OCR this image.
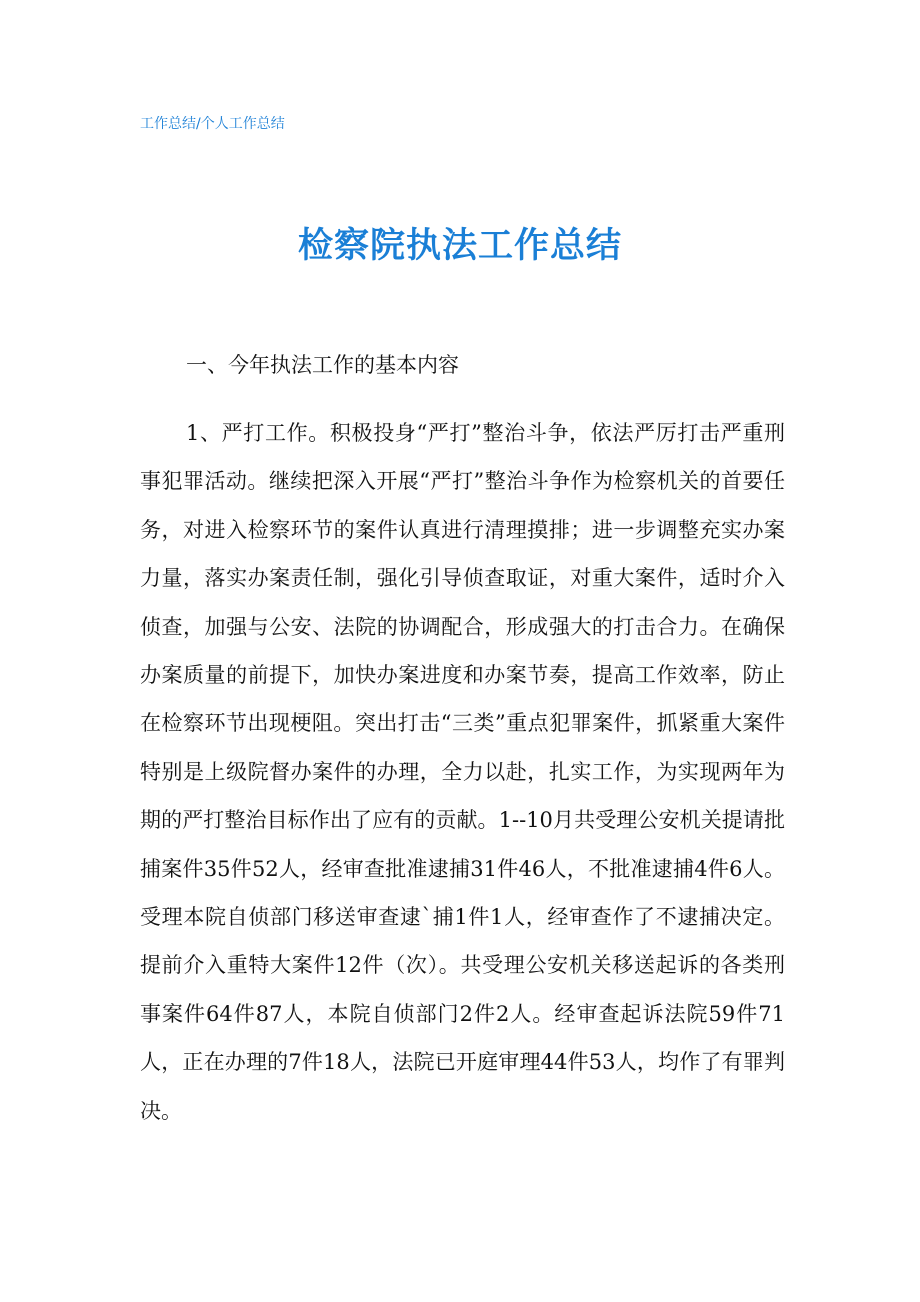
工作总结/个人工作总结
检察院执法工作总结
一、今年执法工作的基本内容
1、严打工作。积极投身“严打”整治斗争，依法严厉打击严重刑事犯罪活动。继续把深入开展“严打”整治斗争作为检察机关的首要任务，对进入检察环节的案件认真进行清理摸排；进一步调整充实办案力量，落实办案责任制，强化引导侦查取证，对重大案件，适时介入侦查，加强与公安、法院的协调配合，形成强大的打击合力。在确保办案质量的前提下，加快办案进度和办案节奏，提高工作效率，防止在检察环节出现梗阻。突出打击“三类”重点犯罪案件，抓紧重大案件特别是上级院督办案件的办理，全力以赴，扎实工作，为实现两年为期的严打整治目标作出了应有的贡献。1--10月共受理公安机关提请批捕案件35件52人，经审查批准逮捕31件46人，不批准逮捕4件6人。受理本院自侦部门移送审查逮`捕1件1人，经审查作了不逮捕决定。提前介入重特大案件12件（次）。共受理公安机关移送起诉的各类刑事案件64件87人，本院自侦部门2件2人。经审查起诉法院59件71人，正在办理的7件18人，法院已开庭审理44件53人，均作了有罪判决。
